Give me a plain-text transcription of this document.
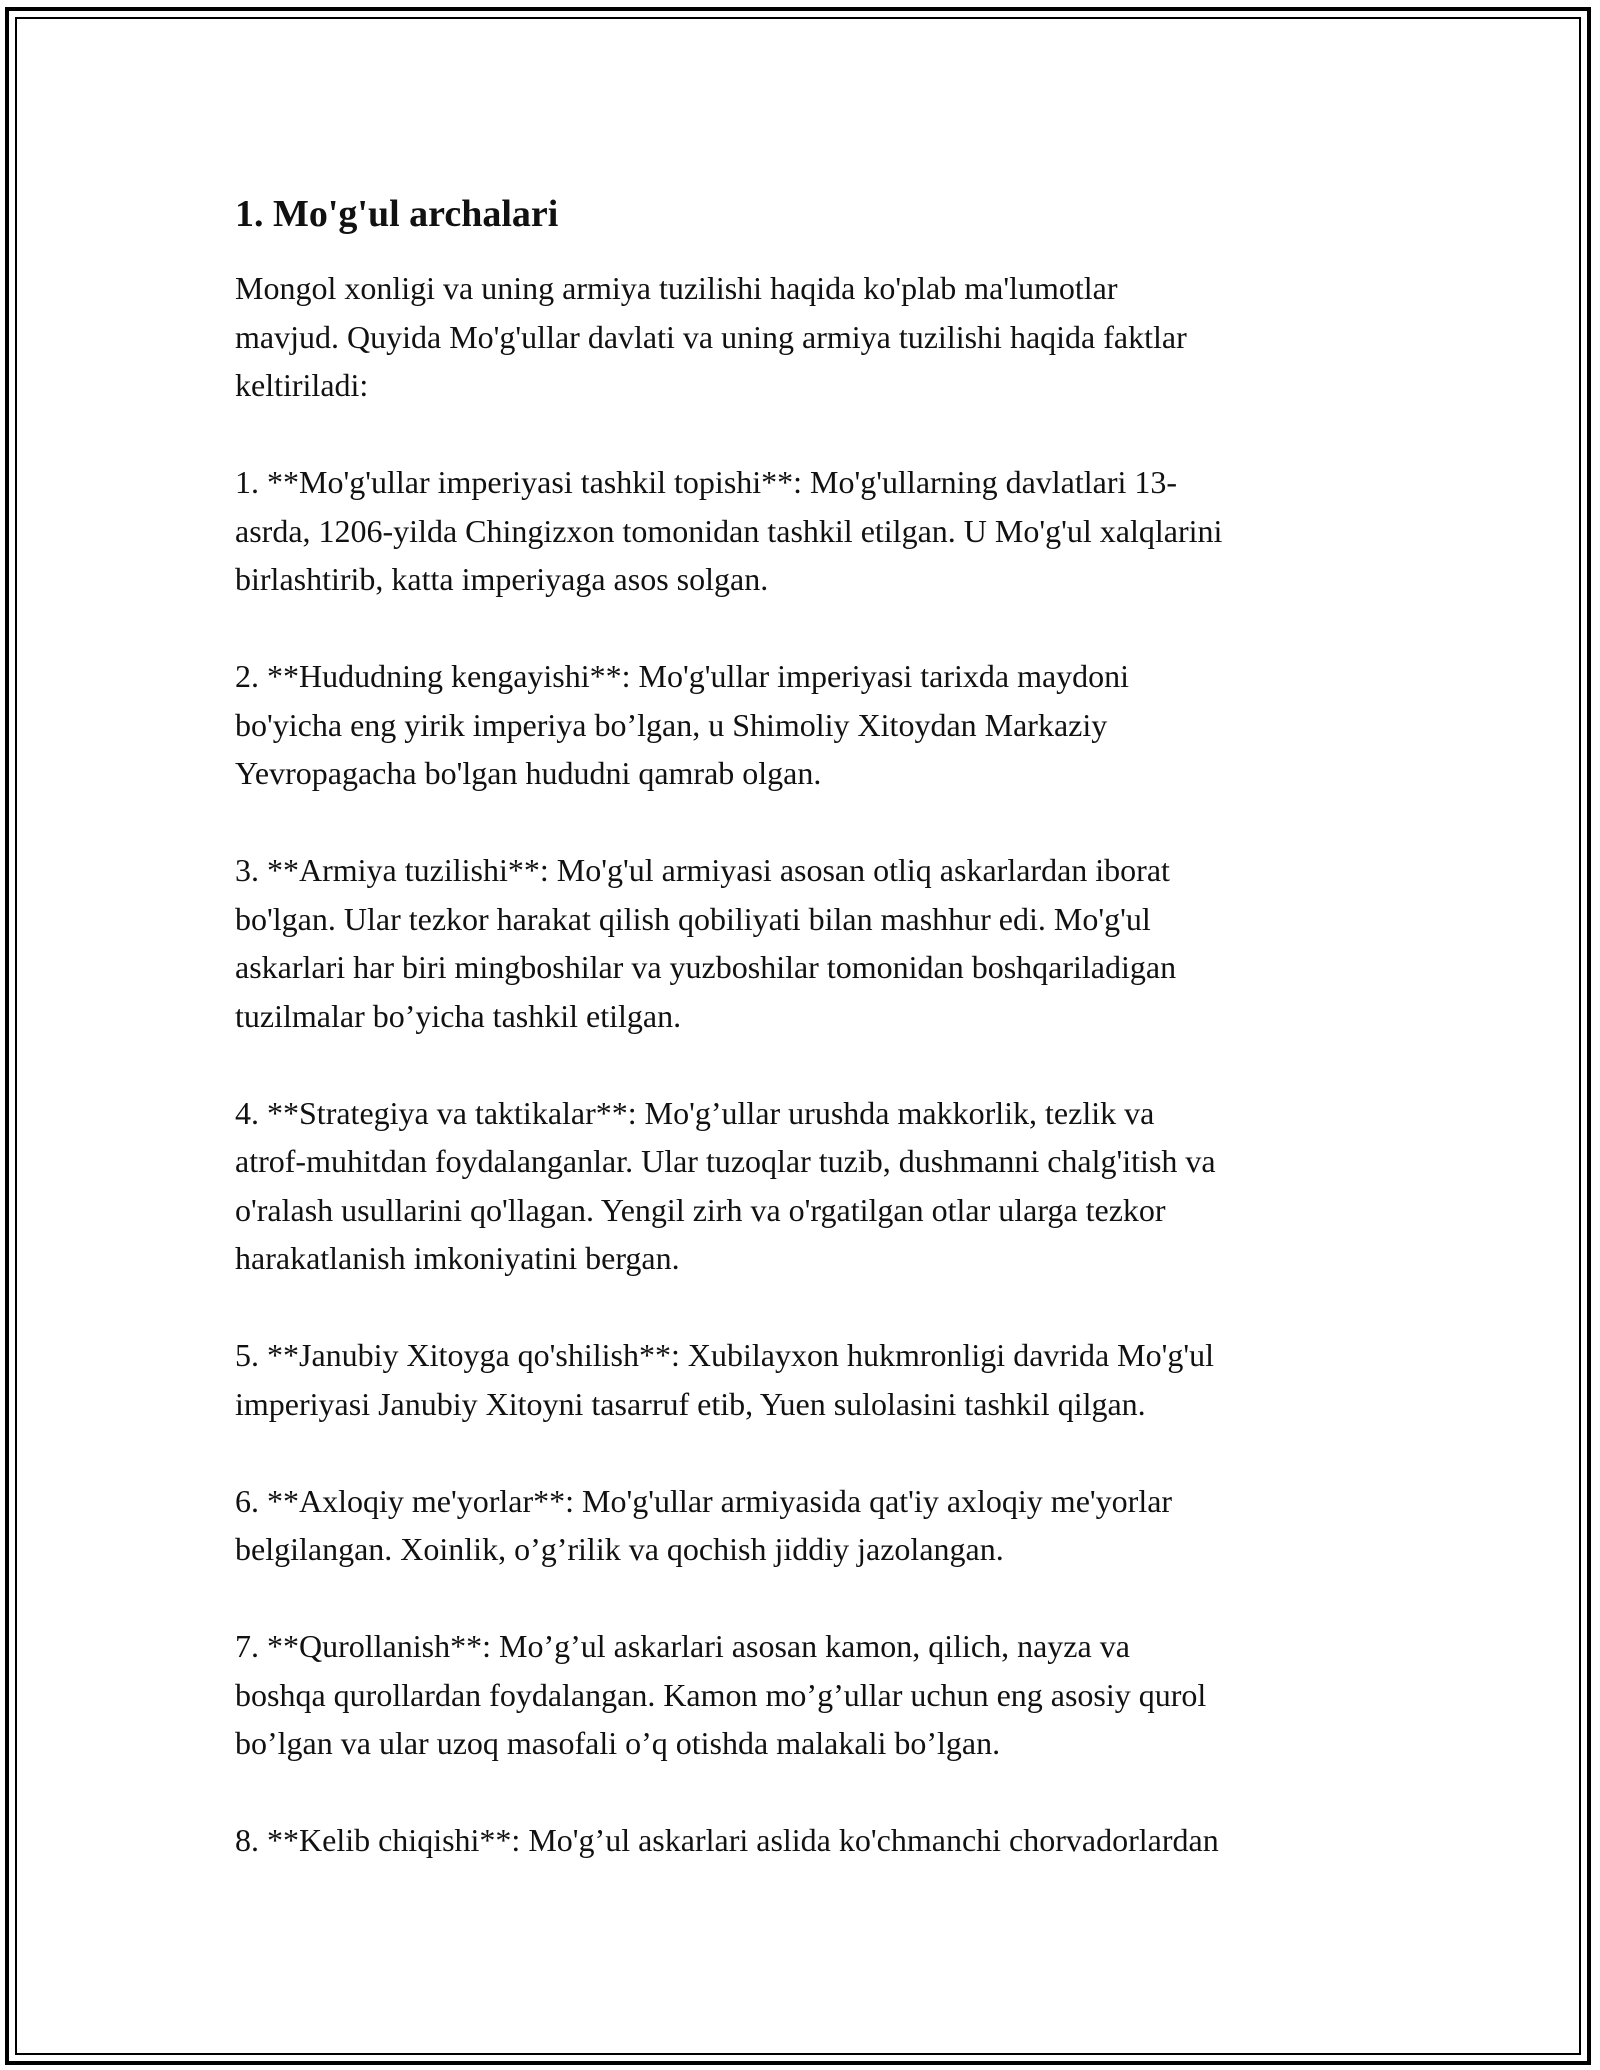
1. Mo'g'ul archalari

Mongol xonligi va uning armiya tuzilishi haqida ko'plab ma'lumotlar
mavjud. Quyida Mo'g'ullar davlati va uning armiya tuzilishi haqida faktlar
keltiriladi:

1. **Mo'g'ullar imperiyasi tashkil topishi**: Mo'g'ullarning davlatlari 13-
asrda, 1206-yilda Chingizxon tomonidan tashkil etilgan. U Mo'g'ul xalqlarini
birlashtirib, katta imperiyaga asos solgan.

2. **Hududning kengayishi**: Mo'g'ullar imperiyasi tarixda maydoni
bo'yicha eng yirik imperiya bo’lgan, u Shimoliy Xitoydan Markaziy
Yevropagacha bo'lgan hududni qamrab olgan.

3. **Armiya tuzilishi**: Mo'g'ul armiyasi asosan otliq askarlardan iborat
bo'lgan. Ular tezkor harakat qilish qobiliyati bilan mashhur edi. Mo'g'ul
askarlari har biri mingboshilar va yuzboshilar tomonidan boshqariladigan
tuzilmalar bo’yicha tashkil etilgan.

4. **Strategiya va taktikalar**: Mo'g’ullar urushda makkorlik, tezlik va
atrof-muhitdan foydalanganlar. Ular tuzoqlar tuzib, dushmanni chalg'itish va
o'ralash usullarini qo'llagan. Yengil zirh va o'rgatilgan otlar ularga tezkor
harakatlanish imkoniyatini bergan.

5. **Janubiy Xitoyga qo'shilish**: Xubilayxon hukmronligi davrida Mo'g'ul
imperiyasi Janubiy Xitoyni tasarruf etib, Yuen sulolasini tashkil qilgan.

6. **Axloqiy me'yorlar**: Mo'g'ullar armiyasida qat'iy axloqiy me'yorlar
belgilangan. Xoinlik, o’g’rilik va qochish jiddiy jazolangan.

7. **Qurollanish**: Mo’g’ul askarlari asosan kamon, qilich, nayza va
boshqa qurollardan foydalangan. Kamon mo’g’ullar uchun eng asosiy qurol
bo’lgan va ular uzoq masofali o’q otishda malakali bo’lgan.

8. **Kelib chiqishi**: Mo'g’ul askarlari aslida ko'chmanchi chorvadorlardan
